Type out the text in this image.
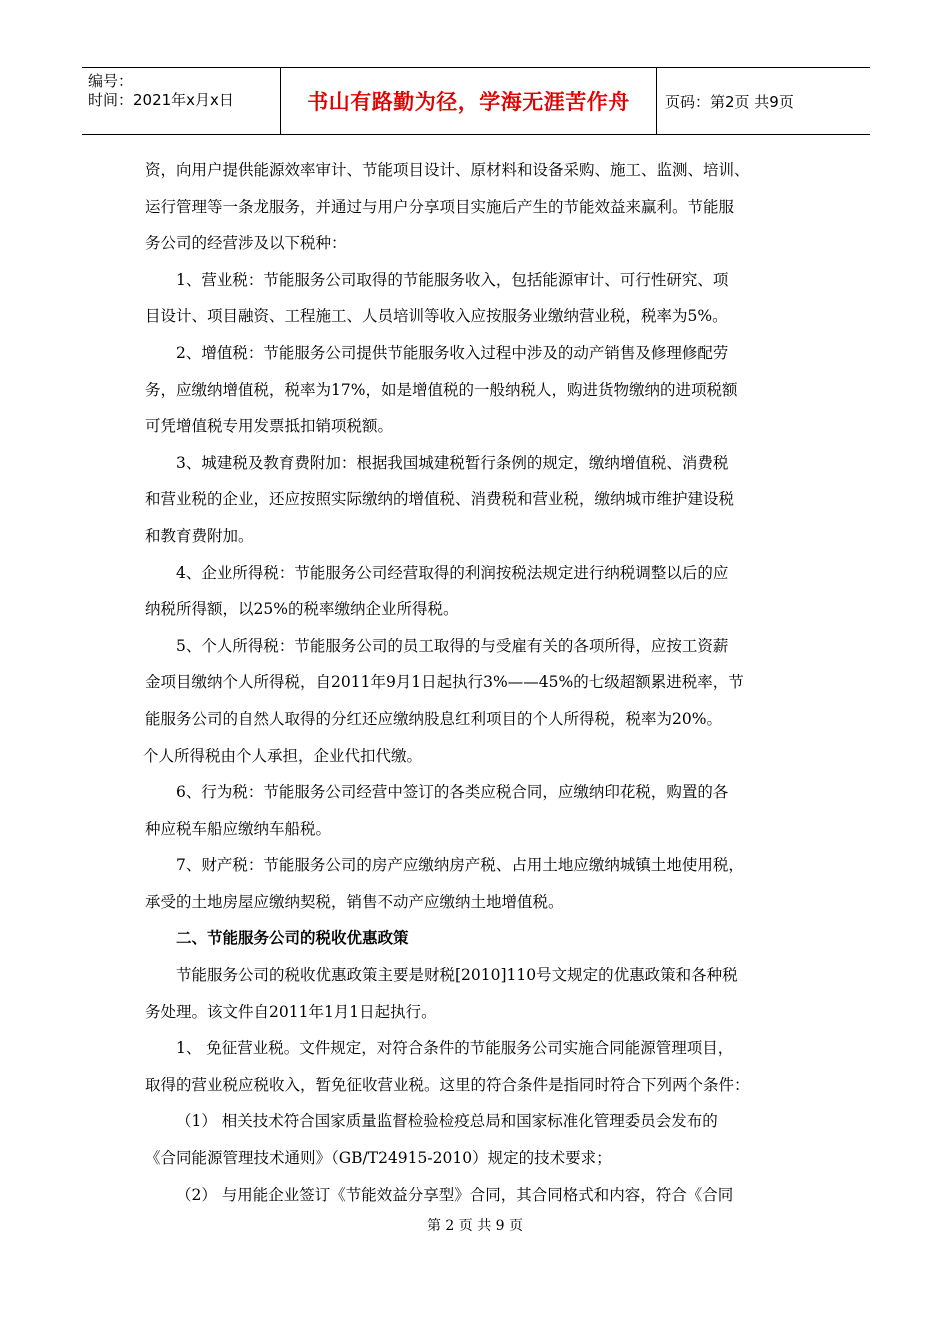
编号：
时间：2021年x月x日	书山有路勤为径，学海无涯苦作舟	页码：第2页 共9页

资，向用户提供能源效率审计、节能项目设计、原材料和设备采购、施工、监测、培训、

运行管理等一条龙服务，并通过与用户分享项目实施后产生的节能效益来赢利。节能服

务公司的经营涉及以下税种：

1、营业税：节能服务公司取得的节能服务收入，包括能源审计、可行性研究、项

目设计、项目融资、工程施工、人员培训等收入应按服务业缴纳营业税，税率为5%。

2、增值税：节能服务公司提供节能服务收入过程中涉及的动产销售及修理修配劳

务，应缴纳增值税，税率为17%，如是增值税的一般纳税人，购进货物缴纳的进项税额

可凭增值税专用发票抵扣销项税额。

3、城建税及教育费附加：根据我国城建税暂行条例的规定，缴纳增值税、消费税

和营业税的企业，还应按照实际缴纳的增值税、消费税和营业税，缴纳城市维护建设税

和教育费附加。

4、企业所得税：节能服务公司经营取得的利润按税法规定进行纳税调整以后的应

纳税所得额，以25%的税率缴纳企业所得税。

5、个人所得税：节能服务公司的员工取得的与受雇有关的各项所得，应按工资薪

金项目缴纳个人所得税，自2011年9月1日起执行3%——45%的七级超额累进税率，节

能服务公司的自然人取得的分红还应缴纳股息红利项目的个人所得税，税率为20%。

个人所得税由个人承担，企业代扣代缴。

6、行为税：节能服务公司经营中签订的各类应税合同，应缴纳印花税，购置的各

种应税车船应缴纳车船税。

7、财产税：节能服务公司的房产应缴纳房产税、占用土地应缴纳城镇土地使用税，

承受的土地房屋应缴纳契税，销售不动产应缴纳土地增值税。

二、节能服务公司的税收优惠政策

节能服务公司的税收优惠政策主要是财税[2010]110号文规定的优惠政策和各种税

务处理。该文件自2011年1月1日起执行。

1、 免征营业税。文件规定，对符合条件的节能服务公司实施合同能源管理项目，

取得的营业税应税收入，暂免征收营业税。这里的符合条件是指同时符合下列两个条件：

（1） 相关技术符合国家质量监督检验检疫总局和国家标准化管理委员会发布的

《合同能源管理技术通则》（GB/T24915-2010）规定的技术要求；

（2） 与用能企业签订《节能效益分享型》合同，其合同格式和内容，符合《合同

第 2 页 共 9 页
